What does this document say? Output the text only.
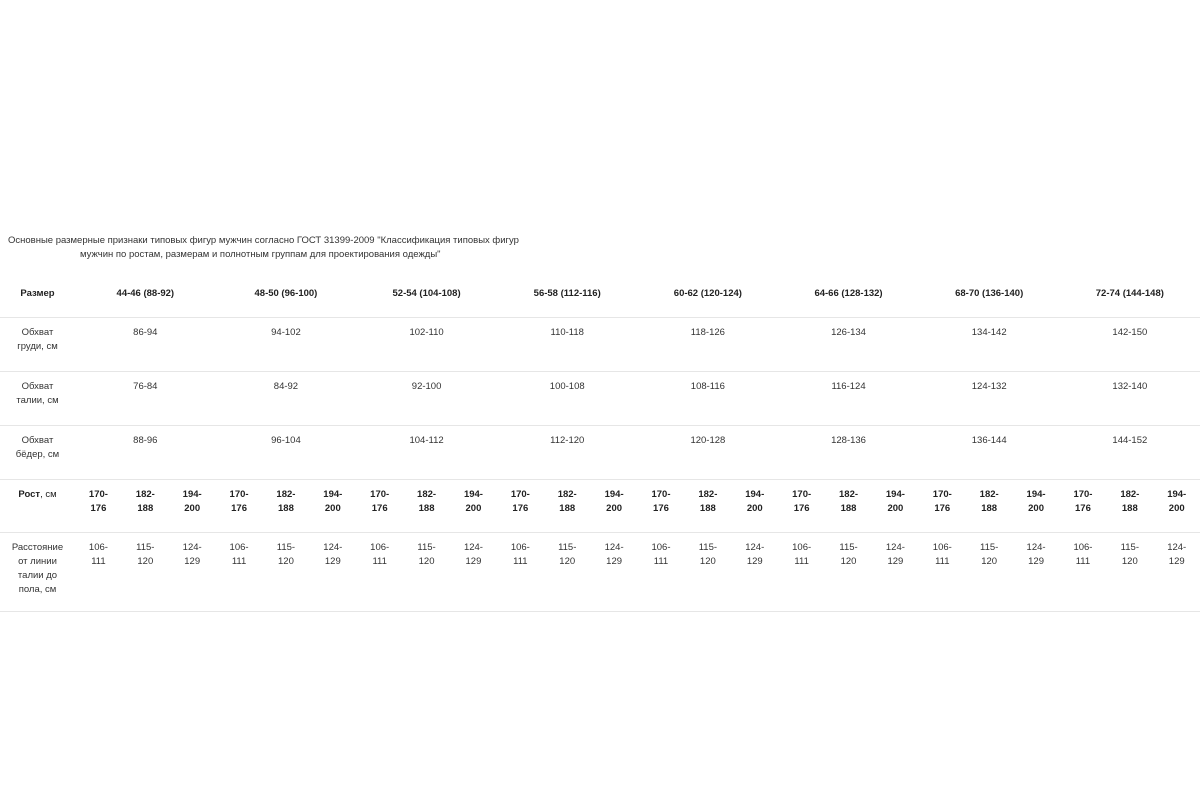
Основные размерные признаки типовых фигур мужчин согласно ГОСТ 31399-2009 "Классификация типовых фигур
мужчин по ростам, размерам и полнотным группам для проектирования одежды"
Размер	44-46 (88-92)			48-50 (96-100)			52-54 (104-108)			56-58 (112-116)			60-62 (120-124)			64-66 (128-132)			68-70 (136-140)			72-74 (144-148)		
Обхват
груди, см	86-94			94-102			102-110			110-118			118-126			126-134			134-142			142-150		
Обхват
талии, см	76-84			84-92			92-100			100-108			108-116			116-124			124-132			132-140		
Обхват
бёдер, см	88-96			96-104			104-112			112-120			120-128			128-136			136-144			144-152		
Рост, см	170-
176	182-
188	194-
200	170-
176	182-
188	194-
200	170-
176	182-
188	194-
200	170-
176	182-
188	194-
200	170-
176	182-
188	194-
200	170-
176	182-
188	194-
200	170-
176	182-
188	194-
200	170-
176	182-
188	194-
200
Расстояние
от линии
талии до
пола, см	106-
111	115-
120	124-
129	106-
111	115-
120	124-
129	106-
111	115-
120	124-
129	106-
111	115-
120	124-
129	106-
111	115-
120	124-
129	106-
111	115-
120	124-
129	106-
111	115-
120	124-
129	106-
111	115-
120	124-
129
